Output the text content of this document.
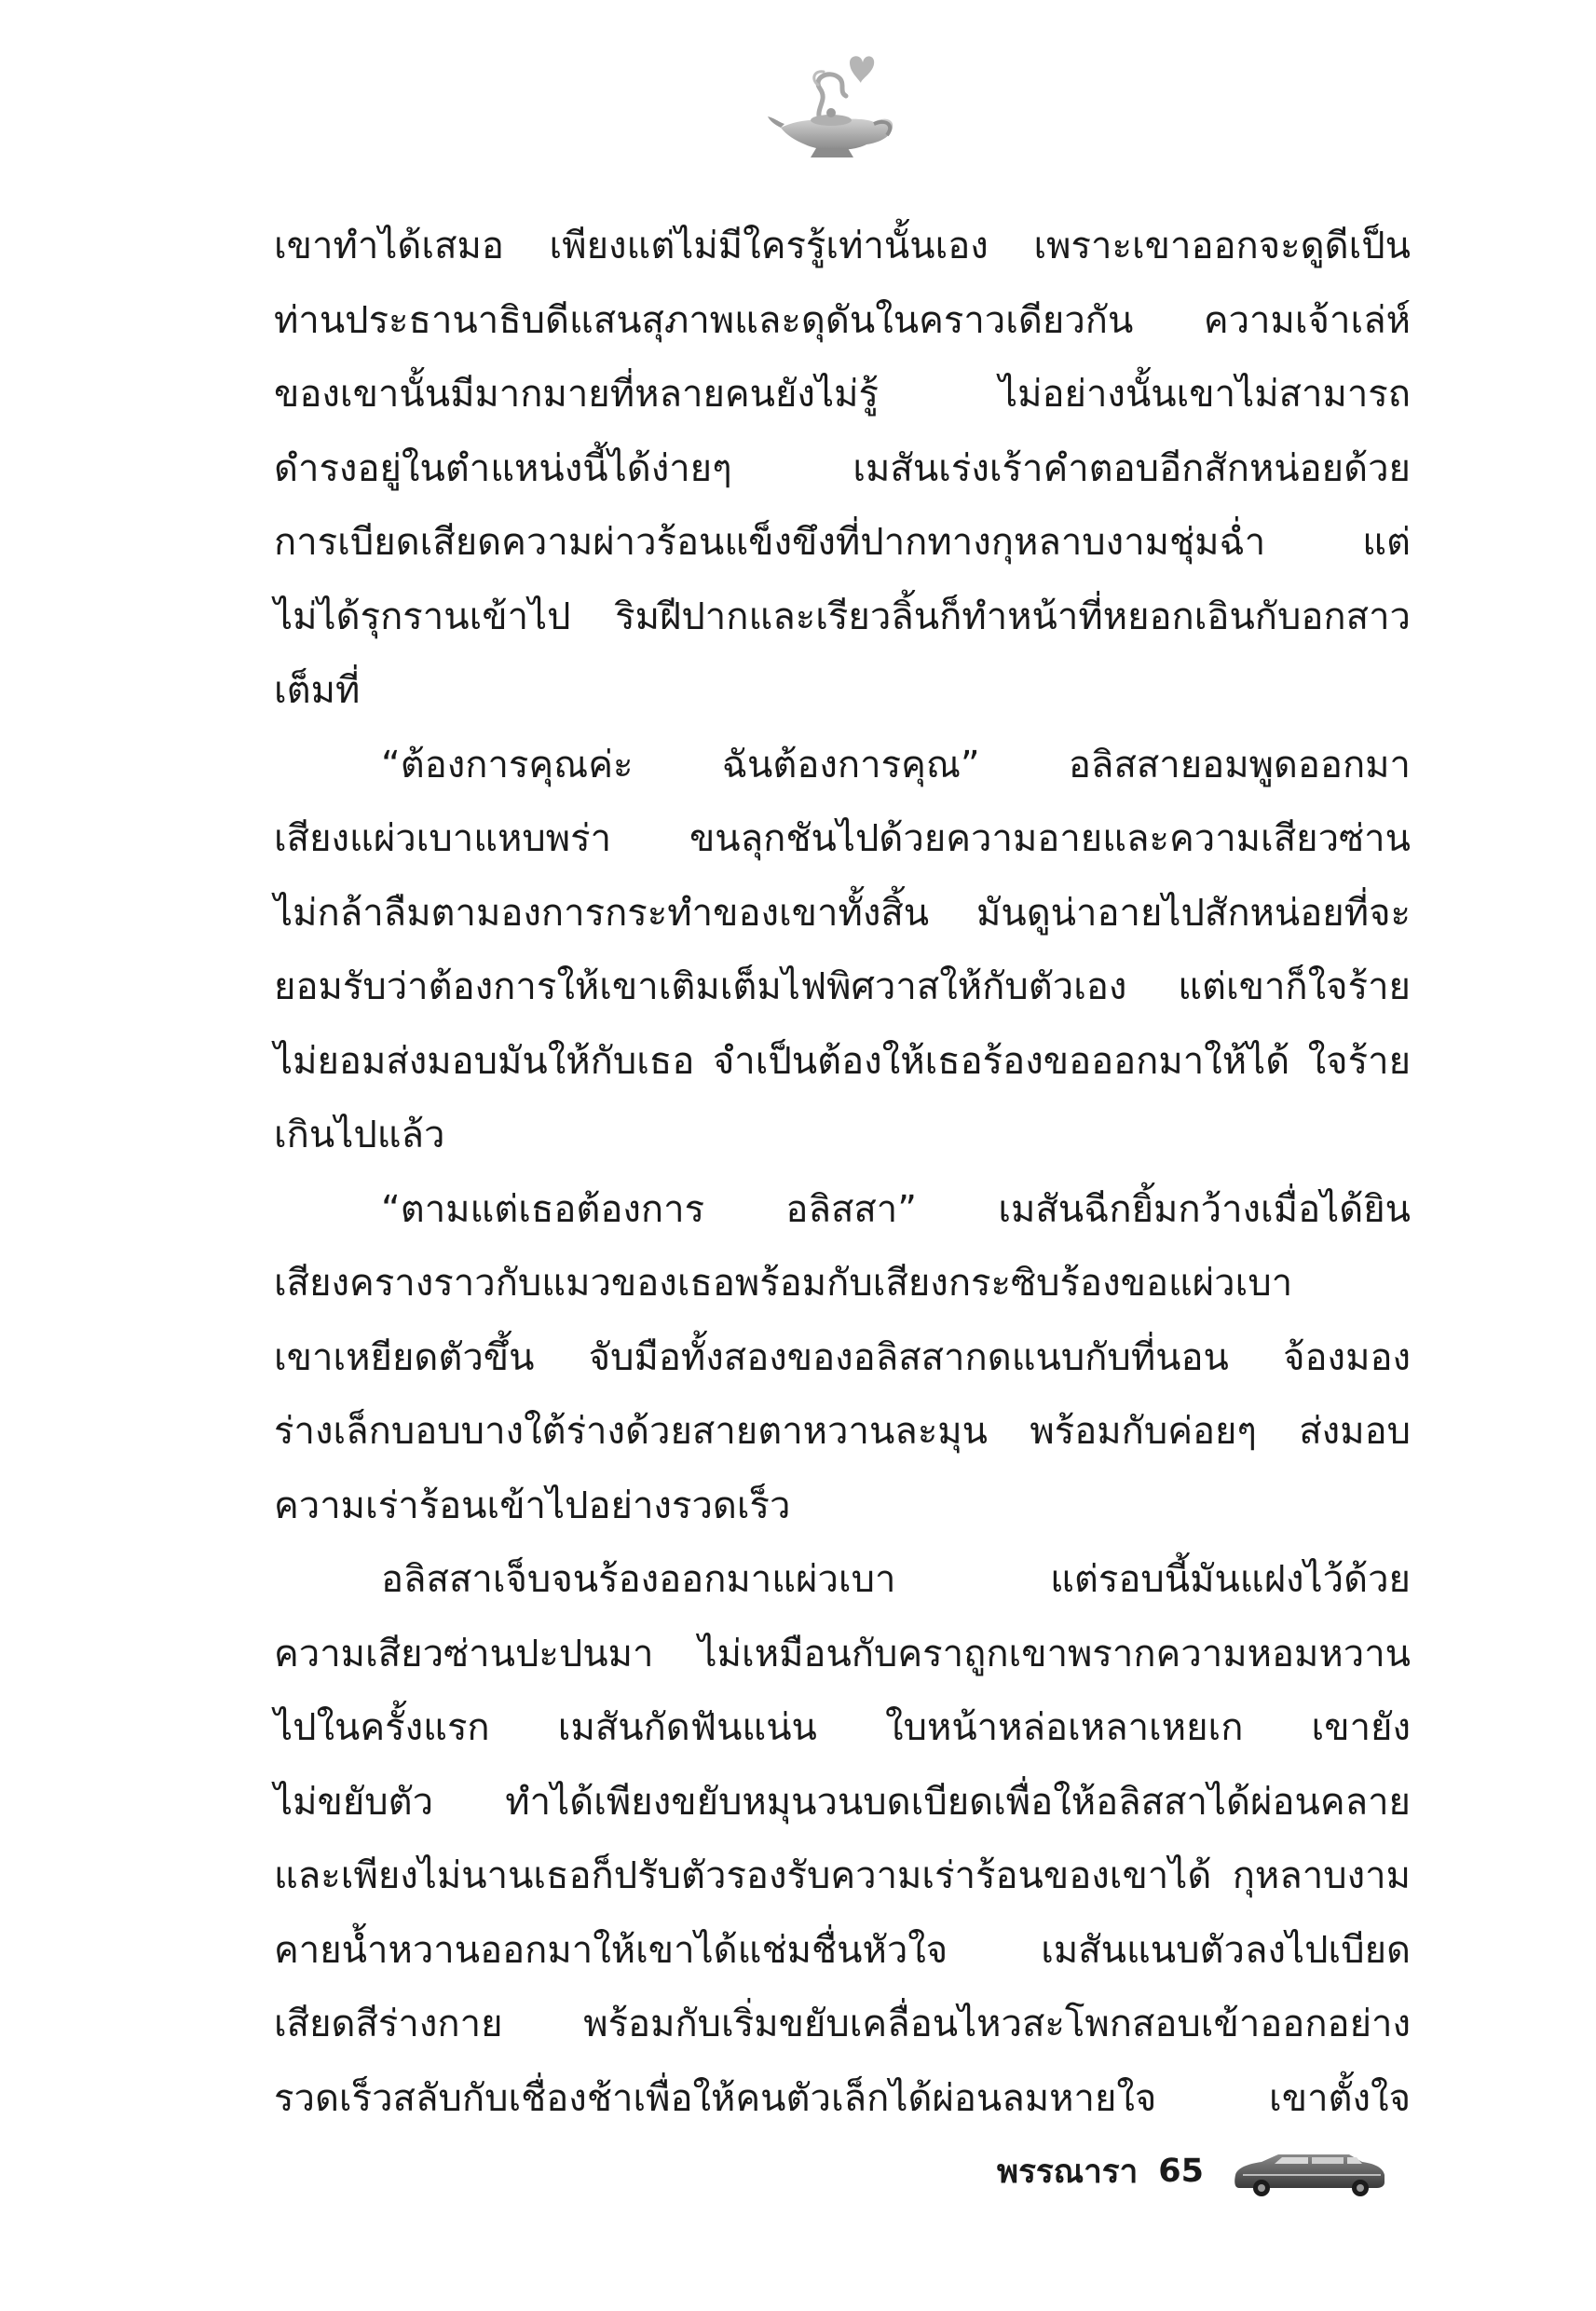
เขาทำได้เสมอ เพียงแต่ไม่มีใครรู้เท่านั้นเอง เพราะเขาออกจะดูดีเป็น
ท่านประธานาธิบดีแสนสุภาพและดุดันในคราวเดียวกัน ความเจ้าเล่ห์
ของเขานั้นมีมากมายที่หลายคนยังไม่รู้ ไม่อย่างนั้นเขาไม่สามารถ
ดำรงอยู่ในตำแหน่งนี้ได้ง่ายๆ เมสันเร่งเร้าคำตอบอีกสักหน่อยด้วย
การเบียดเสียดความผ่าวร้อนแข็งขึงที่ปากทางกุหลาบงามชุ่มฉ่ำ แต่
ไม่ได้รุกรานเข้าไป ริมฝีปากและเรียวลิ้นก็ทำหน้าที่หยอกเอินกับอกสาว
เต็มที่
“ต้องการคุณค่ะ ฉันต้องการคุณ” อลิสสายอมพูดออกมา
เสียงแผ่วเบาแหบพร่า ขนลุกชันไปด้วยความอายและความเสียวซ่าน
ไม่กล้าลืมตามองการกระทำของเขาทั้งสิ้น มันดูน่าอายไปสักหน่อยที่จะ
ยอมรับว่าต้องการให้เขาเติมเต็มไฟพิศวาสให้กับตัวเอง แต่เขาก็ใจร้าย
ไม่ยอมส่งมอบมันให้กับเธอ จำเป็นต้องให้เธอร้องขอออกมาให้ได้ ใจร้าย
เกินไปแล้ว
“ตามแต่เธอต้องการ อลิสสา” เมสันฉีกยิ้มกว้างเมื่อได้ยิน
เสียงครางราวกับแมวของเธอพร้อมกับเสียงกระซิบร้องขอแผ่วเบา
เขาเหยียดตัวขึ้น จับมือทั้งสองของอลิสสากดแนบกับที่นอน จ้องมอง
ร่างเล็กบอบบางใต้ร่างด้วยสายตาหวานละมุน พร้อมกับค่อยๆ ส่งมอบ
ความเร่าร้อนเข้าไปอย่างรวดเร็ว
อลิสสาเจ็บจนร้องออกมาแผ่วเบา แต่รอบนี้มันแฝงไว้ด้วย
ความเสียวซ่านปะปนมา ไม่เหมือนกับคราถูกเขาพรากความหอมหวาน
ไปในครั้งแรก เมสันกัดฟันแน่น ใบหน้าหล่อเหลาเหยเก เขายัง
ไม่ขยับตัว ทำได้เพียงขยับหมุนวนบดเบียดเพื่อให้อลิสสาได้ผ่อนคลาย
และเพียงไม่นานเธอก็ปรับตัวรองรับความเร่าร้อนของเขาได้ กุหลาบงาม
คายน้ำหวานออกมาให้เขาได้แช่มชื่นหัวใจ เมสันแนบตัวลงไปเบียด
เสียดสีร่างกาย พร้อมกับเริ่มขยับเคลื่อนไหวสะโพกสอบเข้าออกอย่าง
รวดเร็วสลับกับเชื่องช้าเพื่อให้คนตัวเล็กได้ผ่อนลมหายใจ เขาตั้งใจ
พรรณารา 65
